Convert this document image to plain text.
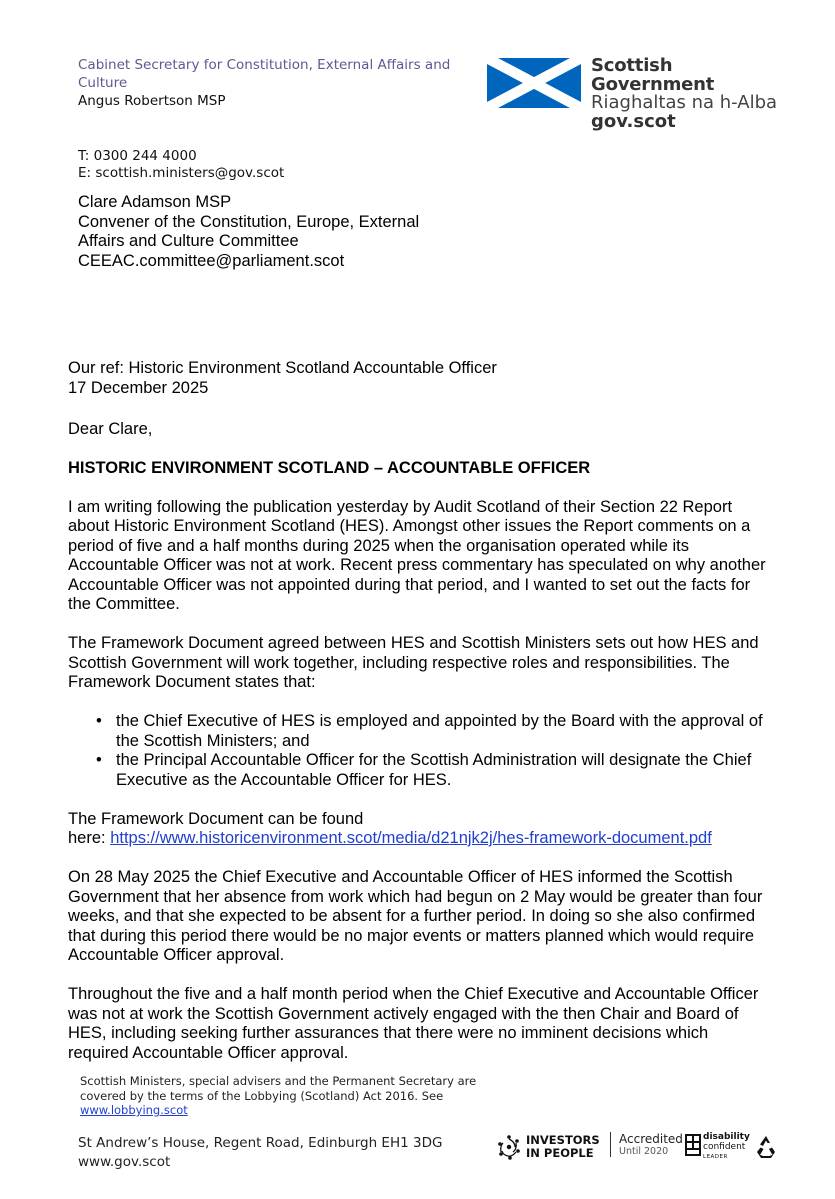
Cabinet Secretary for Constitution, External Affairs and Culture
Angus Robertson MSP
Scottish Government
Riaghaltas na h-Alba
gov.scot
T: 0300 244 4000
E: scottish.ministers@gov.scot
Clare Adamson MSP
Convener of the Constitution, Europe, External
Affairs and Culture Committee
CEEAC.committee@parliament.scot
Our ref: Historic Environment Scotland Accountable Officer
17 December 2025

Dear Clare,

HISTORIC ENVIRONMENT SCOTLAND – ACCOUNTABLE OFFICER

I am writing following the publication yesterday by Audit Scotland of their Section 22 Report about Historic Environment Scotland (HES). Amongst other issues the Report comments on a period of five and a half months during 2025 when the organisation operated while its Accountable Officer was not at work. Recent press commentary has speculated on why another Accountable Officer was not appointed during that period, and I wanted to set out the facts for the Committee.

The Framework Document agreed between HES and Scottish Ministers sets out how HES and Scottish Government will work together, including respective roles and responsibilities. The Framework Document states that:

• the Chief Executive of HES is employed and appointed by the Board with the approval of the Scottish Ministers; and
• the Principal Accountable Officer for the Scottish Administration will designate the Chief Executive as the Accountable Officer for HES.

The Framework Document can be found
here: https://www.historicenvironment.scot/media/d21njk2j/hes-framework-document.pdf

On 28 May 2025 the Chief Executive and Accountable Officer of HES informed the Scottish Government that her absence from work which had begun on 2 May would be greater than four weeks, and that she expected to be absent for a further period. In doing so she also confirmed that during this period there would be no major events or matters planned which would require Accountable Officer approval.

Throughout the five and a half month period when the Chief Executive and Accountable Officer was not at work the Scottish Government actively engaged with the then Chair and Board of HES, including seeking further assurances that there were no imminent decisions which required Accountable Officer approval.

Scottish Ministers, special advisers and the Permanent Secretary are covered by the terms of the Lobbying (Scotland) Act 2016. See
www.lobbying.scot
St Andrew’s House, Regent Road, Edinburgh EH1 3DG
www.gov.scot
INVESTORS
IN PEOPLE
Accredited
Until 2020
disability
confident
LEADER
